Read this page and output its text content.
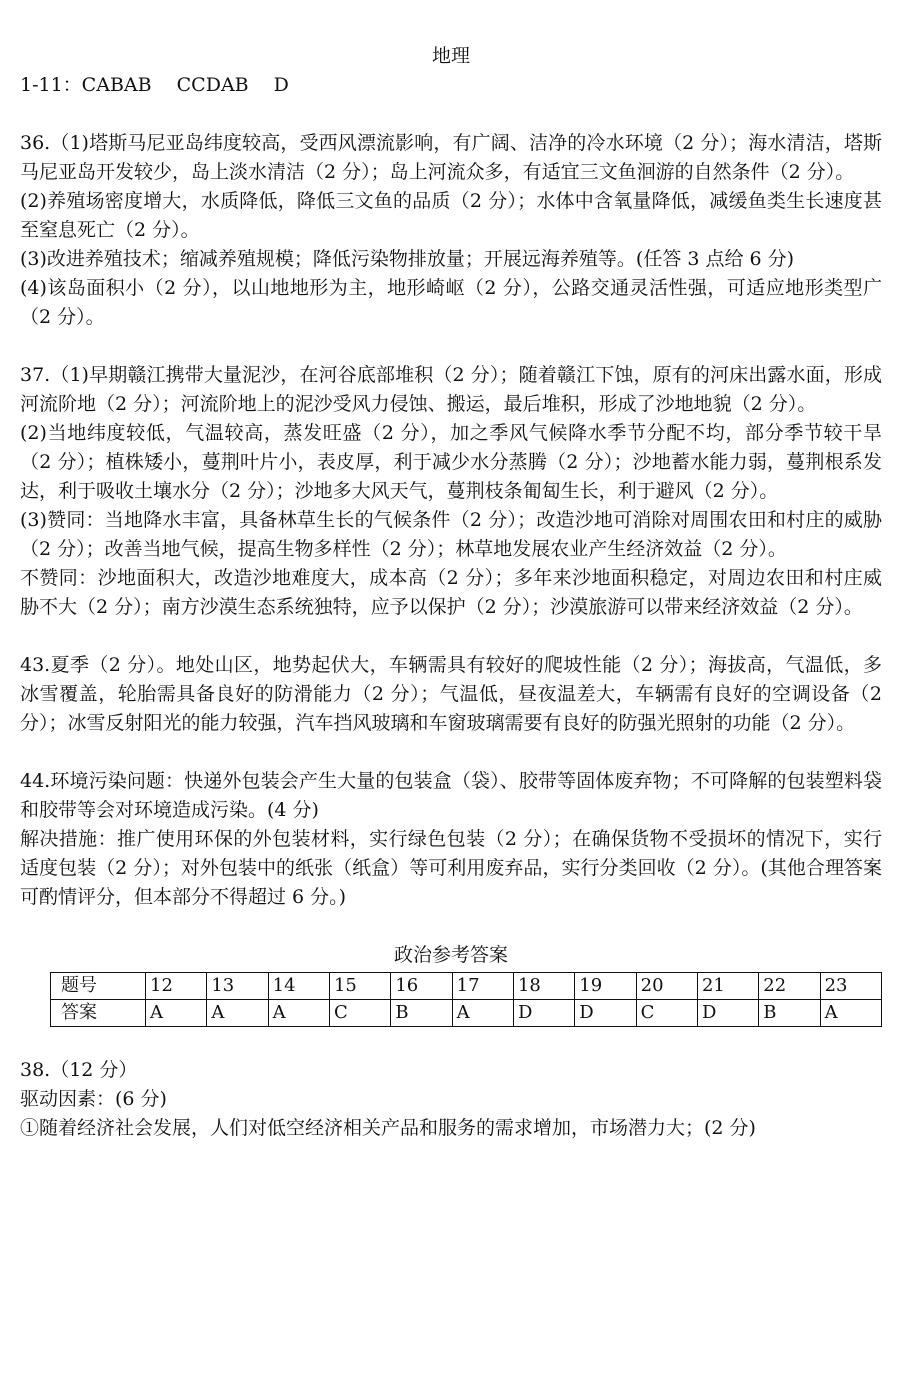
地理

1-11：CABAB　 CCDAB　 D

36.（1)塔斯马尼亚岛纬度较高，受西风漂流影响，有广阔、洁净的冷水环境（2 分）；海水清洁，塔斯马尼亚岛开发较少，岛上淡水清洁（2 分）；岛上河流众多，有适宜三文鱼洄游的自然条件（2 分）。

(2)养殖场密度增大，水质降低，降低三文鱼的品质（2 分）；水体中含氧量降低，减缓鱼类生长速度甚至窒息死亡（2 分）。

(3)改进养殖技术；缩减养殖规模；降低污染物排放量；开展远海养殖等。(任答 3 点给 6 分)

(4)该岛面积小（2 分），以山地地形为主，地形崎岖（2 分），公路交通灵活性强，可适应地形类型广（2 分）。

37.（1)早期赣江携带大量泥沙，在河谷底部堆积（2 分）；随着赣江下蚀，原有的河床出露水面，形成河流阶地（2 分）；河流阶地上的泥沙受风力侵蚀、搬运，最后堆积，形成了沙地地貌（2 分）。

(2)当地纬度较低，气温较高，蒸发旺盛（2 分），加之季风气候降水季节分配不均，部分季节较干旱（2 分）；植株矮小，蔓荆叶片小，表皮厚，利于减少水分蒸腾（2 分）；沙地蓄水能力弱，蔓荆根系发达，利于吸收土壤水分（2 分）；沙地多大风天气，蔓荆枝条匍匐生长，利于避风（2 分）。

(3)赞同：当地降水丰富，具备林草生长的气候条件（2 分）；改造沙地可消除对周围农田和村庄的威胁（2 分）；改善当地气候，提高生物多样性（2 分）；林草地发展农业产生经济效益（2 分）。

不赞同：沙地面积大，改造沙地难度大，成本高（2 分）；多年来沙地面积稳定，对周边农田和村庄威胁不大（2 分）；南方沙漠生态系统独特，应予以保护（2 分）；沙漠旅游可以带来经济效益（2 分）。

43.夏季（2 分）。地处山区，地势起伏大，车辆需具有较好的爬坡性能（2 分）；海拔高，气温低，多冰雪覆盖，轮胎需具备良好的防滑能力（2 分）；气温低，昼夜温差大，车辆需有良好的空调设备（2 分）；冰雪反射阳光的能力较强，汽车挡风玻璃和车窗玻璃需要有良好的防强光照射的功能（2 分）。

44.环境污染问题：快递外包装会产生大量的包装盒（袋）、胶带等固体废弃物；不可降解的包装塑料袋和胶带等会对环境造成污染。(4 分)

解决措施：推广使用环保的外包装材料，实行绿色包装（2 分）；在确保货物不受损坏的情况下，实行适度包装（2 分）；对外包装中的纸张（纸盒）等可利用废弃品，实行分类回收（2 分）。(其他合理答案可酌情评分，但本部分不得超过 6 分。)

政治参考答案
题号	12	13	14	15	16	17	18	19	20	21	22	23
答案	A	A	A	C	B	A	D	D	C	D	B	A

38.（12 分）

驱动因素：(6 分)

①随着经济社会发展，人们对低空经济相关产品和服务的需求增加，市场潜力大；(2 分)
